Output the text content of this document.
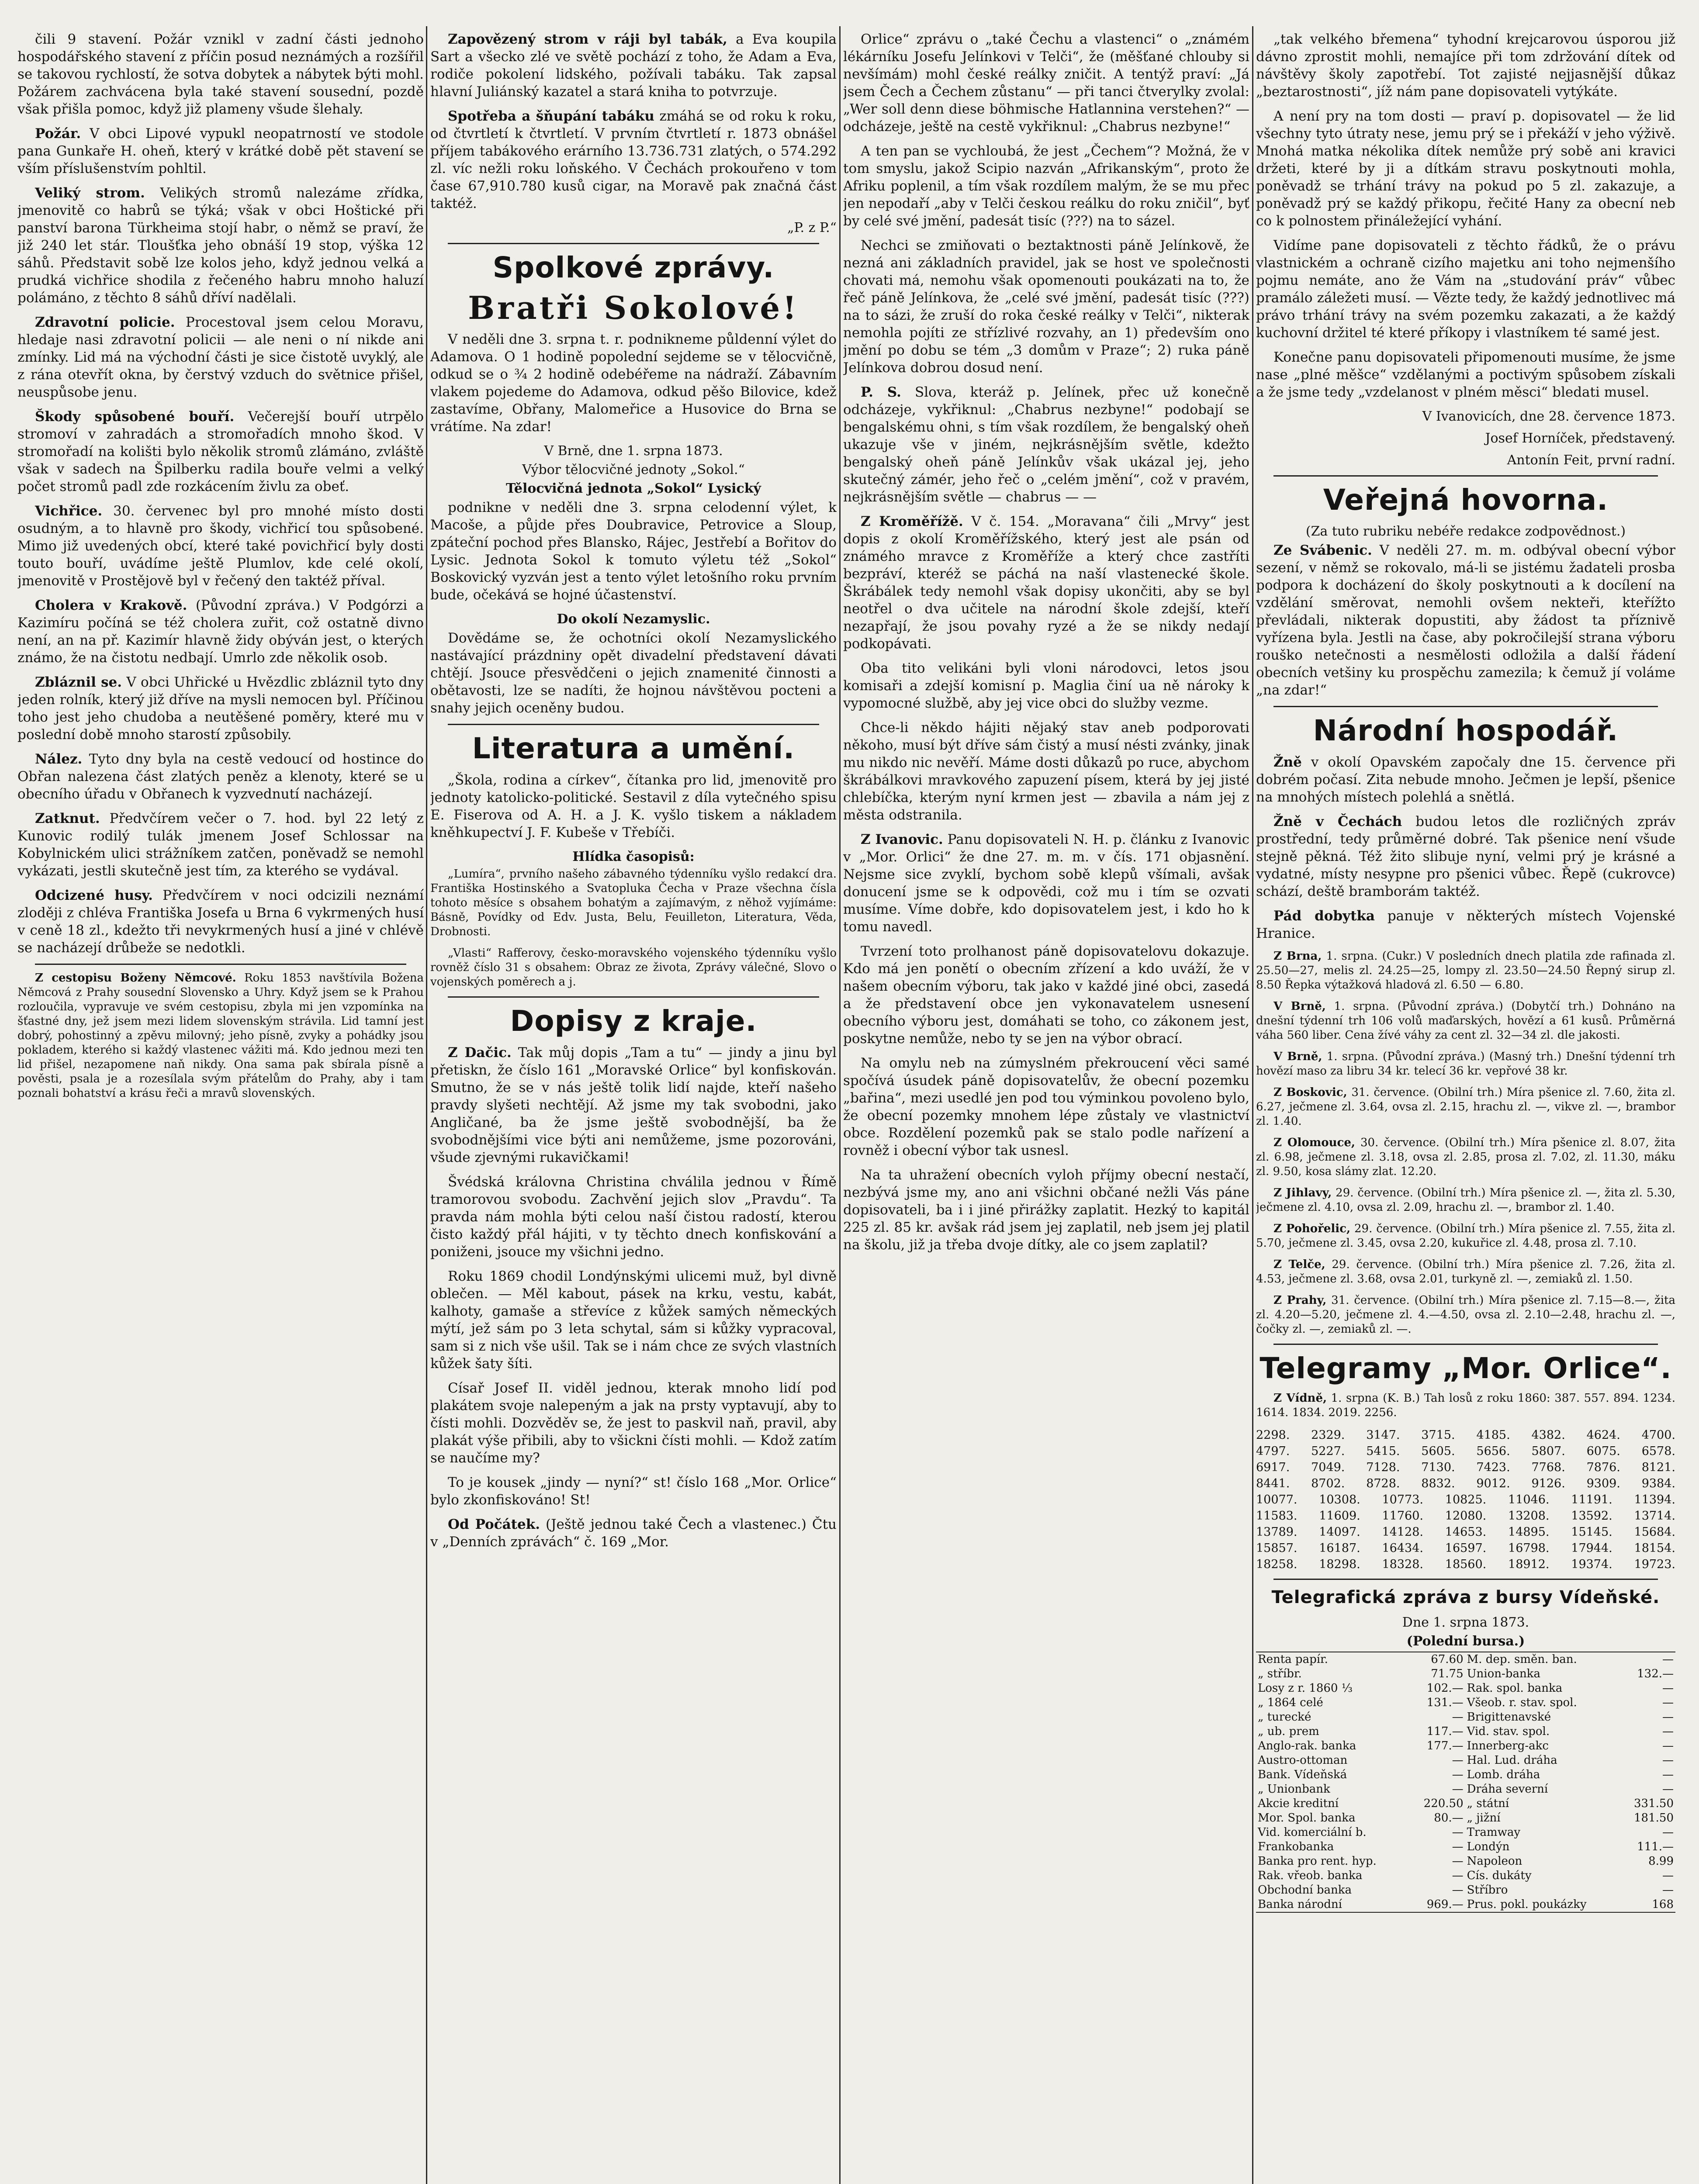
čili 9 stavení. Požár vznikl v zadní části jednoho hospodářského stavení z příčin posud neznámých a rozšířil se takovou rychlostí, že sotva dobytek a nábytek býti mohl. Požárem zachvácena byla také stavení sousední, pozdě však přišla pomoc, když již plameny všude šlehaly.

Požár. V obci Lipové vypukl neopatrností ve stodole pana Gunkaře H. oheň, který v krátké době pět stavení se vším příslušenstvím pohltil.

Veliký strom. Velikých stromů nalezáme zřídka, jmenovitě co habrů se týká; však v obci Hoštické při panství barona Türkheima stojí habr, o němž se praví, že již 240 let stár. Tloušťka jeho obnáší 19 stop, výška 12 sáhů. Představit sobě lze kolos jeho, když jednou velká a prudká vichřice shodila z řečeného habru mnoho haluzí polámáno, z těchto 8 sáhů dříví nadělali.

Zdravotní policie. Procestoval jsem celou Moravu, hledaje nasi zdravotní policii — ale neni o ní nikde ani zmínky. Lid má na východní části je sice čistotě uvyklý, ale z rána otevřít okna, by čerstvý vzduch do světnice přišel, neuspůsobe jenu.

Škody spůsobené bouří. Večerejší bouří utrpělo stromoví v zahradách a stromořadích mnoho škod. V stromořadí na kolišti bylo několik stromů zlámáno, zvláště však v sadech na Špilberku radila bouře velmi a velký počet stromů padl zde rozkácením živlu za obeť.

Vichřice. 30. červenec byl pro mnohé místo dosti osudným, a to hlavně pro škody, vichřicí tou spůsobené. Mimo již uvedených obcí, které také povichřicí byly dosti touto bouří, uvádíme ještě Plumlov, kde celé okolí, jmenovitě v Prostějově byl v řečený den taktéž příval.

Cholera v Krakově. (Původní zpráva.) V Podgórzi a Kazimíru počíná se též cholera zuřit, což ostatně divno není, an na př. Kazimír hlavně židy obýván jest, o kterých známo, že na čistotu nedbají. Umrlo zde několik osob.

Zbláznil se. V obci Uhřické u Hvězdlic zbláznil tyto dny jeden rolník, který již dříve na mysli nemocen byl. Příčinou toho jest jeho chudoba a neutěšené poměry, které mu v poslední době mnoho starostí způsobily.

Nález. Tyto dny byla na cestě vedoucí od hostince do Obřan nalezena část zlatých peněz a klenoty, které se u obecního úřadu v Obřanech k vyzvednutí nacházejí.

Zatknut. Předvčírem večer o 7. hod. byl 22 letý z Kunovic rodilý tulák jmenem Josef Schlossar na Kobylnickém ulici strážníkem zatčen, poněvadž se nemohl vykázati, jestli skutečně jest tím, za kterého se vydával.

Odcizené husy. Předvčírem v noci odcizili neznámí zloději z chléva Františka Josefa u Brna 6 vykrmených husí v ceně 18 zl., kdežto tři nevykrmených husí a jiné v chlévě se nacházejí drůbeže se nedotkli.

Z cestopisu Boženy Němcové. Roku 1853 navštívila Božena Němcová z Prahy sousední Slovensko a Uhry. Když jsem se k Prahou rozloučila, vypravuje ve svém cestopisu, zbyla mi jen vzpomínka na šťastné dny, jež jsem mezi lidem slovenským strávila. Lid tamní jest dobrý, pohostinný a zpěvu milovný; jeho písně, zvyky a pohádky jsou pokladem, kterého si každý vlastenec vážiti má. Kdo jednou mezi ten lid přišel, nezapomene naň nikdy. Ona sama pak sbírala písně a pověsti, psala je a rozesílala svým přátelům do Prahy, aby i tam poznali bohatství a krásu řeči a mravů slovenských.

Zapovězený strom v ráji byl tabák, a Eva koupila Sart a všecko zlé ve světě pochází z toho, že Adam a Eva, rodiče pokolení lidského, požívali tabáku. Tak zapsal hlavní Juliánský kazatel a stará kniha to potvrzuje.

Spotřeba a šňupání tabáku zmáhá se od roku k roku, od čtvrtletí k čtvrtletí. V prvním čtvrtletí r. 1873 obnášel příjem tabákového erárního 13.736.731 zlatých, o 574.292 zl. víc nežli roku loňského. V Čechách prokouřeno v tom čase 67,910.780 kusů cigar, na Moravě pak značná část taktéž.

„P. z P.“
Spolkové zprávy.
Bratři Sokolové!

V neděli dne 3. srpna t. r. podnikneme půldenní výlet do Adamova. O 1 hodině popolední sejdeme se v tělocvičně, odkud se o ¾ 2 hodině odebéřeme na nádraží. Zábavním vlakem pojedeme do Adamova, odkud pěšo Bilovice, kdež zastavíme, Obřany, Malomeřice a Husovice do Brna se vrátíme. Na zdar!

V Brně, dne 1. srpna 1873.
Výbor tělocvičné jednoty „Sokol.“
Tělocvičná jednota „Sokol“ Lysický

podnikne v neděli dne 3. srpna celodenní výlet, k Macoše, a půjde přes Doubravice, Petrovice a Sloup, zpáteční pochod přes Blansko, Rájec, Jestřebí a Bořitov do Lysic. Jednota Sokol k tomuto výletu též „Sokol“ Boskovický vyzván jest a tento výlet letošního roku prvním bude, očekává se hojné účastenství.

Do okolí Nezamyslic.

Dovědáme se, že ochotníci okolí Nezamyslického nastávající prázdniny opět divadelní představení dávati chtějí. Jsouce přesvědčeni o jejich znamenité činnosti a obětavosti, lze se nadíti, že hojnou návštěvou pocteni a snahy jejich oceněny budou.

Literatura a umění.

„Škola, rodina a církev“, čítanka pro lid, jmenovitě pro jednoty katolicko-politické. Sestavil z díla vytečného spisu E. Fiserova od A. H. a J. K. vyšlo tiskem a nákladem kněhkupectví J. F. Kubeše v Třebíči.

Hlídka časopisů:

„Lumíra“, prvního našeho zábavného týdenníku vyšlo redakcí dra. Františka Hostinského a Svatopluka Čecha v Praze všechna čísla tohoto měsíce s obsahem bohatým a zajímavým, z něhož vyjímáme: Básně, Povídky od Edv. Justa, Belu, Feuilleton, Literatura, Věda, Drobnosti.

„Vlasti“ Rafferovy, česko-moravského vojenského týdenníku vyšlo rovněž číslo 31 s obsahem: Obraz ze života, Zprávy válečné, Slovo o vojenských poměrech a j.

Dopisy z kraje.

Z Dačic. Tak můj dopis „Tam a tu“ — jindy a jinu byl přetiskn, že číslo 161 „Moravské Orlice“ byl konfiskován. Smutno, že se v nás ještě tolik lidí najde, kteří našeho pravdy slyšeti nechtějí. Až jsme my tak svobodni, jako Angličané, ba že jsme ještě svobodnější, ba že svobodnějšími vice býti ani nemůžeme, jsme pozorováni, všude zjevnými rukavičkami!

Švédská královna Christina chválila jednou v Římě tramorovou svobodu. Zachvění jejich slov „Pravdu“. Ta pravda nám mohla býti celou naší čistou radostí, kterou čisto každý přál hájiti, v ty těchto dnech konfiskování a poniženi, jsouce my všichni jedno.

Roku 1869 chodil Londýnskými ulicemi muž, byl divně oblečen. — Měl kabout, pásek na krku, vestu, kabát, kalhoty, gamaše a střevíce z kůžek samých německých mýtí, jež sám po 3 leta schytal, sám si kůžky vypracoval, sam si z nich vše ušil. Tak se i nám chce ze svých vlastních kůžek šaty šíti.

Císař Josef II. viděl jednou, kterak mnoho lidí pod plakátem svoje nalepeným a jak na prsty vyptavují, aby to čísti mohli. Dozvěděv se, že jest to paskvil naň, pravil, aby plakát výše přibili, aby to všickni čísti mohli. — Kdož zatím se naučíme my?

To je kousek „jindy — nyní?“ st! číslo 168 „Mor. Orlice“ bylo zkonfiskováno! St!

Od Počátek. (Ještě jednou také Čech a vlastenec.) Čtu v „Denních zprávách“ č. 169 „Mor.

Orlice“ zprávu o „také Čechu a vlastenci“ o „známém lékárníku Josefu Jelínkovi v Telči“, že (měšťané chlouby si nevšímám) mohl české reálky zničit. A tentýž praví: „Já jsem Čech a Čechem zůstanu“ — při tanci čtverylky zvolal: „Wer soll denn diese böhmische Hatlannina verstehen?“ — odcházeje, ještě na cestě vykřiknul: „Chabrus nezbyne!“

A ten pan se vychloubá, že jest „Čechem“? Možná, že v tom smyslu, jakož Scipio nazván „Afrikanským“, proto že Afriku poplenil, a tím však rozdílem malým, že se mu přec jen nepodaří „aby v Telči českou reálku do roku zničil“, byť by celé své jmění, padesát tisíc (???) na to sázel.

Nechci se zmiňovati o beztaktnosti páně Jelínkově, že nezná ani základních pravidel, jak se host ve společnosti chovati má, nemohu však opomenouti poukázati na to, že řeč páně Jelínkova, že „celé své jmění, padesát tisíc (???) na to sázi, že zruší do roka české reálky v Telči“, nikterak nemohla pojíti ze střízlivé rozvahy, an 1) především ono jmění po dobu se tém „3 domům v Praze“; 2) ruka páně Jelínkova dobrou dosud není.

P. S. Slova, kteráž p. Jelínek, přec už konečně odcházeje, vykřiknul: „Chabrus nezbyne!“ podobají se bengalskému ohni, s tím však rozdílem, že bengalský oheň ukazuje vše v jiném, nejkrásnějším světle, kdežto bengalský oheň páně Jelínkův však ukázal jej, jeho skutečný zámér, jeho řeč o „celém jmění“, což v pravém, nejkrásnějším světle — chabrus — —

Z Kroměřížě. V č. 154. „Moravana“ čili „Mrvy“ jest dopis z okolí Kroměřížského, který jest ale psán od známého mravce z Kroměříže a který chce zastříti bezpráví, kteréž se páchá na naší vlastenecké škole. Škrábálek tedy nemohl však dopisy ukončiti, aby se byl neotřel o dva učitele na národní škole zdejší, kteří nezapřají, že jsou povahy ryzé a že se nikdy nedají podkopávati.

Oba tito velikáni byli vloni národovci, letos jsou komisaři a zdejší komisní p. Maglia činí ua ně nároky k vypomocné službě, aby jej vice obci do služby vezme.

Chce-li někdo hájiti nějaký stav aneb podporovati někoho, musí být dříve sám čistý a musí nésti zvánky, jinak mu nikdo nic nevěří. Máme dosti důkazů po ruce, abychom škrábálkovi mravkového zapuzení písem, která by jej jisté chlebíčka, kterým nyní krmen jest — zbavila a nám jej z města odstranila.

Z Ivanovic. Panu dopisovateli N. H. p. článku z Ivanovic v „Mor. Orlici“ že dne 27. m. m. v čís. 171 objasnění. Nejsme sice zvyklí, bychom sobě klepů všímali, avšak donucení jsme se k odpovědi, což mu i tím se ozvati musíme. Víme dobře, kdo dopisovatelem jest, i kdo ho k tomu navedl.

Tvrzení toto prolhanost páně dopisovatelovu dokazuje. Kdo má jen ponětí o obecním zřízení a kdo uváží, že v našem obecním výboru, tak jako v každé jiné obci, zasedá a že představení obce jen vykonavatelem usnesení obecního výboru jest, domáhati se toho, co zákonem jest, poskytne nemůže, nebo ty se jen na výbor obrací.

Na omylu neb na zúmyslném překroucení věci samé spočívá úsudek páně dopisovatelův, že obecní pozemku „bařina“, mezi usedlé jen pod tou výminkou povoleno bylo, že obecní pozemky mnohem lépe zůstaly ve vlastnictví obce. Rozdělení pozemků pak se stalo podle nařízení a rovněž i obecní výbor tak usnesl.

Na ta uhražení obecních vyloh příjmy obecní nestačí, nezbývá jsme my, ano ani všichni občané nežli Vás páne dopisovateli, ba i i jiné přirážky zaplatit. Hezký to kapitál 225 zl. 85 kr. avšak rád jsem jej zaplatil, neb jsem jej platil na školu, již ja třeba dvoje dítky, ale co jsem zaplatil?

„tak velkého břemena“ tyhodní krejcarovou úsporou již dávno zprostit mohli, nemajíce při tom zdržování dítek od návštěvy školy zapotřebí. Tot zajisté nejjasnější důkaz „beztarostnosti“, jíž nám pane dopisovateli vytýkáte.

A není pry na tom dosti — praví p. dopisovatel — že lid všechny tyto útraty nese, jemu prý se i překáží v jeho výživě. Mnohá matka nékolika dítek nemůže prý sobě ani kravici držeti, které by ji a dítkám stravu poskytnouti mohla, poněvadž se trhání trávy na pokud po 5 zl. zakazuje, a poněvadž prý se každý přikopu, řečité Hany za obecní neb co k polnostem přináležející vyhání.

Vidíme pane dopisovateli z těchto řádků, že o právu vlastnickém a ochraně cizího majetku ani toho nejmenšího pojmu nemáte, ano že Vám na „studování práv“ vůbec pramálo záležeti musí. — Vězte tedy, že každý jednotlivec má právo trhání trávy na svém pozemku zakazati, a že každý kuchovní držitel té které příkopy i vlastníkem té samé jest.

Konečne panu dopisovateli připomenouti musíme, že jsme nase „plné měšce“ vzdělanými a poctivým spůsobem získali a že jsme tedy „vzdelanost v plném měsci“ bledati musel.

V Ivanovicích, dne 28. července 1873.
Josef Horníček, představený.
Antonín Feit, první radní.
Veřejná hovorna.
(Za tuto rubriku nebéře redakce zodpovědnost.)

Ze Svábenic. V neděli 27. m. m. odbýval obecní výbor sezení, v němž se rokovalo, má-li se jistému žadateli prosba podpora k docházení do školy poskytnouti a k docílení na vzdělání směrovat, nemohli ovšem nekteři, kteřížto převládali, nikterak dopustiti, aby žádost ta příznivě vyřízena byla. Jestli na čase, aby pokročilejší strana výboru rouško netečnosti a nesmělosti odložila a další řádení obecních vetšiny ku prospěchu zamezila; k čemuž jí voláme „na zdar!“

Národní hospodář.

Žně v okolí Opavském započaly dne 15. července při dobrém počasí. Zita nebude mnoho. Ječmen je lepší, pšenice na mnohých místech polehlá a snětlá.

Žně v Čechách budou letos dle rozličných zpráv prostřední, tedy průměrné dobré. Tak pšenice není všude stejně pěkná. Též žito slibuje nyní, velmi prý je krásné a vydatné, místy nesypne pro pšenici vůbec. Řepě (cukrovce) schází, deště bramborám taktéž.

Pád dobytka panuje v některých místech Vojenské Hranice.

Z Brna, 1. srpna. (Cukr.) V posledních dnech platila zde rafinada zl. 25.50—27, melis zl. 24.25—25, lompy zl. 23.50—24.50 Řepný sirup zl. 8.50 Řepka výtažková hladová zl. 6.50 — 6.80.

V Brně, 1. srpna. (Původní zpráva.) (Dobytčí trh.) Dohnáno na dnešní týdenní trh 106 volů maďarských, hovězí a 61 kusů. Průměrná váha 560 liber. Cena žívé váhy za cent zl. 32—34 zl. dle jakosti.

V Brně, 1. srpna. (Původní zpráva.) (Masný trh.) Dnešní týdenní trh hovězí maso za libru 34 kr. telecí 36 kr. vepřové 38 kr.

Z Boskovic, 31. července. (Obilní trh.) Míra pšenice zl. 7.60, žita zl. 6.27, ječmene zl. 3.64, ovsa zl. 2.15, hrachu zl. —, vikve zl. —, brambor zl. 1.40.

Z Olomouce, 30. července. (Obilní trh.) Míra pšenice zl. 8.07, žita zl. 6.98, ječmene zl. 3.18, ovsa zl. 2.85, prosa zl. 7.02, zl. 11.30, máku zl. 9.50, kosa slámy zlat. 12.20.

Z Jihlavy, 29. července. (Obilní trh.) Míra pšenice zl. —, žita zl. 5.30, ječmene zl. 4.10, ovsa zl. 2.09, hrachu zl. —, brambor zl. 1.40.

Z Pohořelic, 29. července. (Obilní trh.) Míra pšenice zl. 7.55, žita zl. 5.70, ječmene zl. 3.45, ovsa 2.20, kukuřice zl. 4.48, prosa zl. 7.10.

Z Telče, 29. července. (Obilní trh.) Míra pšenice zl. 7.26, žita zl. 4.53, ječmene zl. 3.68, ovsa 2.01, turkyně zl. —, zemiaků zl. 1.50.

Z Prahy, 31. července. (Obilní trh.) Míra pšenice zl. 7.15—8.—, žita zl. 4.20—5.20, ječmene zl. 4.—4.50, ovsa zl. 2.10—2.48, hrachu zl. —, čočky zl. —, zemiaků zl. —.

Telegramy „Mor. Orlice“.

Z Vídně, 1. srpna (K. B.) Tah losů z roku 1860: 387. 557. 894. 1234. 1614. 1834. 2019. 2256.

2298. 2329. 3147. 3715. 4185. 4382. 4624. 4700.
4797. 5227. 5415. 5605. 5656. 5807. 6075. 6578.
6917. 7049. 7128. 7130. 7423. 7768. 7876. 8121.
8441. 8702. 8728. 8832. 9012. 9126. 9309. 9384.
10077. 10308. 10773. 10825. 11046. 11191. 11394.
11583. 11609. 11760. 12080. 13208. 13592. 13714.
13789. 14097. 14128. 14653. 14895. 15145. 15684.
15857. 16187. 16434. 16597. 16798. 17944. 18154.
18258. 18298. 18328. 18560. 18912. 19374. 19723.
Telegrafická zpráva z bursy Vídeňské.
Dne 1. srpna 1873.
(Polední bursa.)
Renta papír.	67.60	M. dep. směn. ban.	—
„ stříbr.	71.75	Union-banka	132.—
Losy z r. 1860 ⅓	102.—	Rak. spol. banka	—
„ 1864 celé	131.—	Všeob. r. stav. spol.	—
„ turecké	—	Brigittenavské	—
„ ub. prem	117.—	Vid. stav. spol.	—
Anglo-rak. banka	177.—	Innerberg-akc	—
Austro-ottoman	—	Hal. Lud. dráha	—
Bank. Vídeňská	—	Lomb. dráha	—
„ Unionbank	—	Dráha severní	—
Akcie kreditní	220.50	„ státní	331.50
Mor. Spol. banka	80.—	„ jižní	181.50
Vid. komerciální b.	—	Tramway	—
Frankobanka	—	Londýn	111.—
Banka pro rent. hyp.	—	Napoleon	8.99
Rak. vřeob. banka	—	Cís. dukáty	—
Obchodní banka	—	Stříbro	—
Banka národní	969.—	Prus. pokl. poukázky	168
